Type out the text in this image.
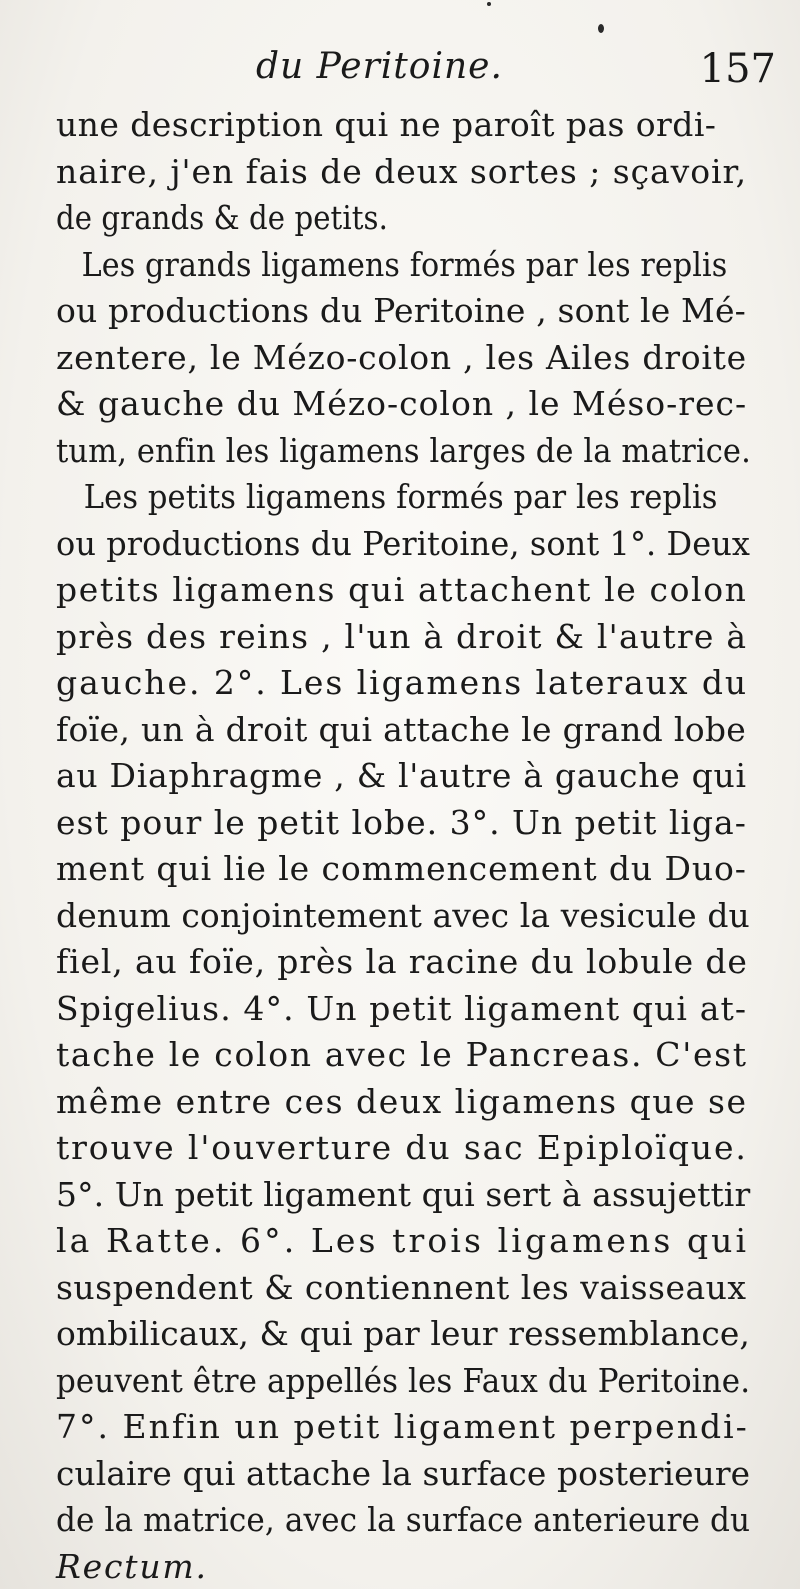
du Peritoine.	157
une description qui ne paroît pas ordi-
naire, j'en fais de deux sortes ; sçavoir,
de grands & de petits.
Les grands ligamens formés par les replis
ou productions du Peritoine , sont le Mé-
zentere, le Mézo-colon , les Ailes droite
& gauche du Mézo-colon , le Méso-rec-
tum, enfin les ligamens larges de la matrice.
Les petits ligamens formés par les replis
ou productions du Peritoine, sont 1°. Deux
petits ligamens qui attachent le colon
près des reins , l'un à droit & l'autre à
gauche. 2°. Les ligamens lateraux du
foïe, un à droit qui attache le grand lobe
au Diaphragme , & l'autre à gauche qui
est pour le petit lobe. 3°. Un petit liga-
ment qui lie le commencement du Duo-
denum conjointement avec la vesicule du
fiel, au foïe, près la racine du lobule de
Spigelius. 4°. Un petit ligament qui at-
tache le colon avec le Pancreas. C'est
même entre ces deux ligamens que se
trouve l'ouverture du sac Epiploïque.
5°. Un petit ligament qui sert à assujettir
la Ratte. 6°. Les trois ligamens qui
suspendent & contiennent les vaisseaux
ombilicaux, & qui par leur ressemblance,
peuvent être appellés les Faux du Peritoine.
7°. Enfin un petit ligament perpendi-
culaire qui attache la surface posterieure
de la matrice, avec la surface anterieure du
Rectum.
